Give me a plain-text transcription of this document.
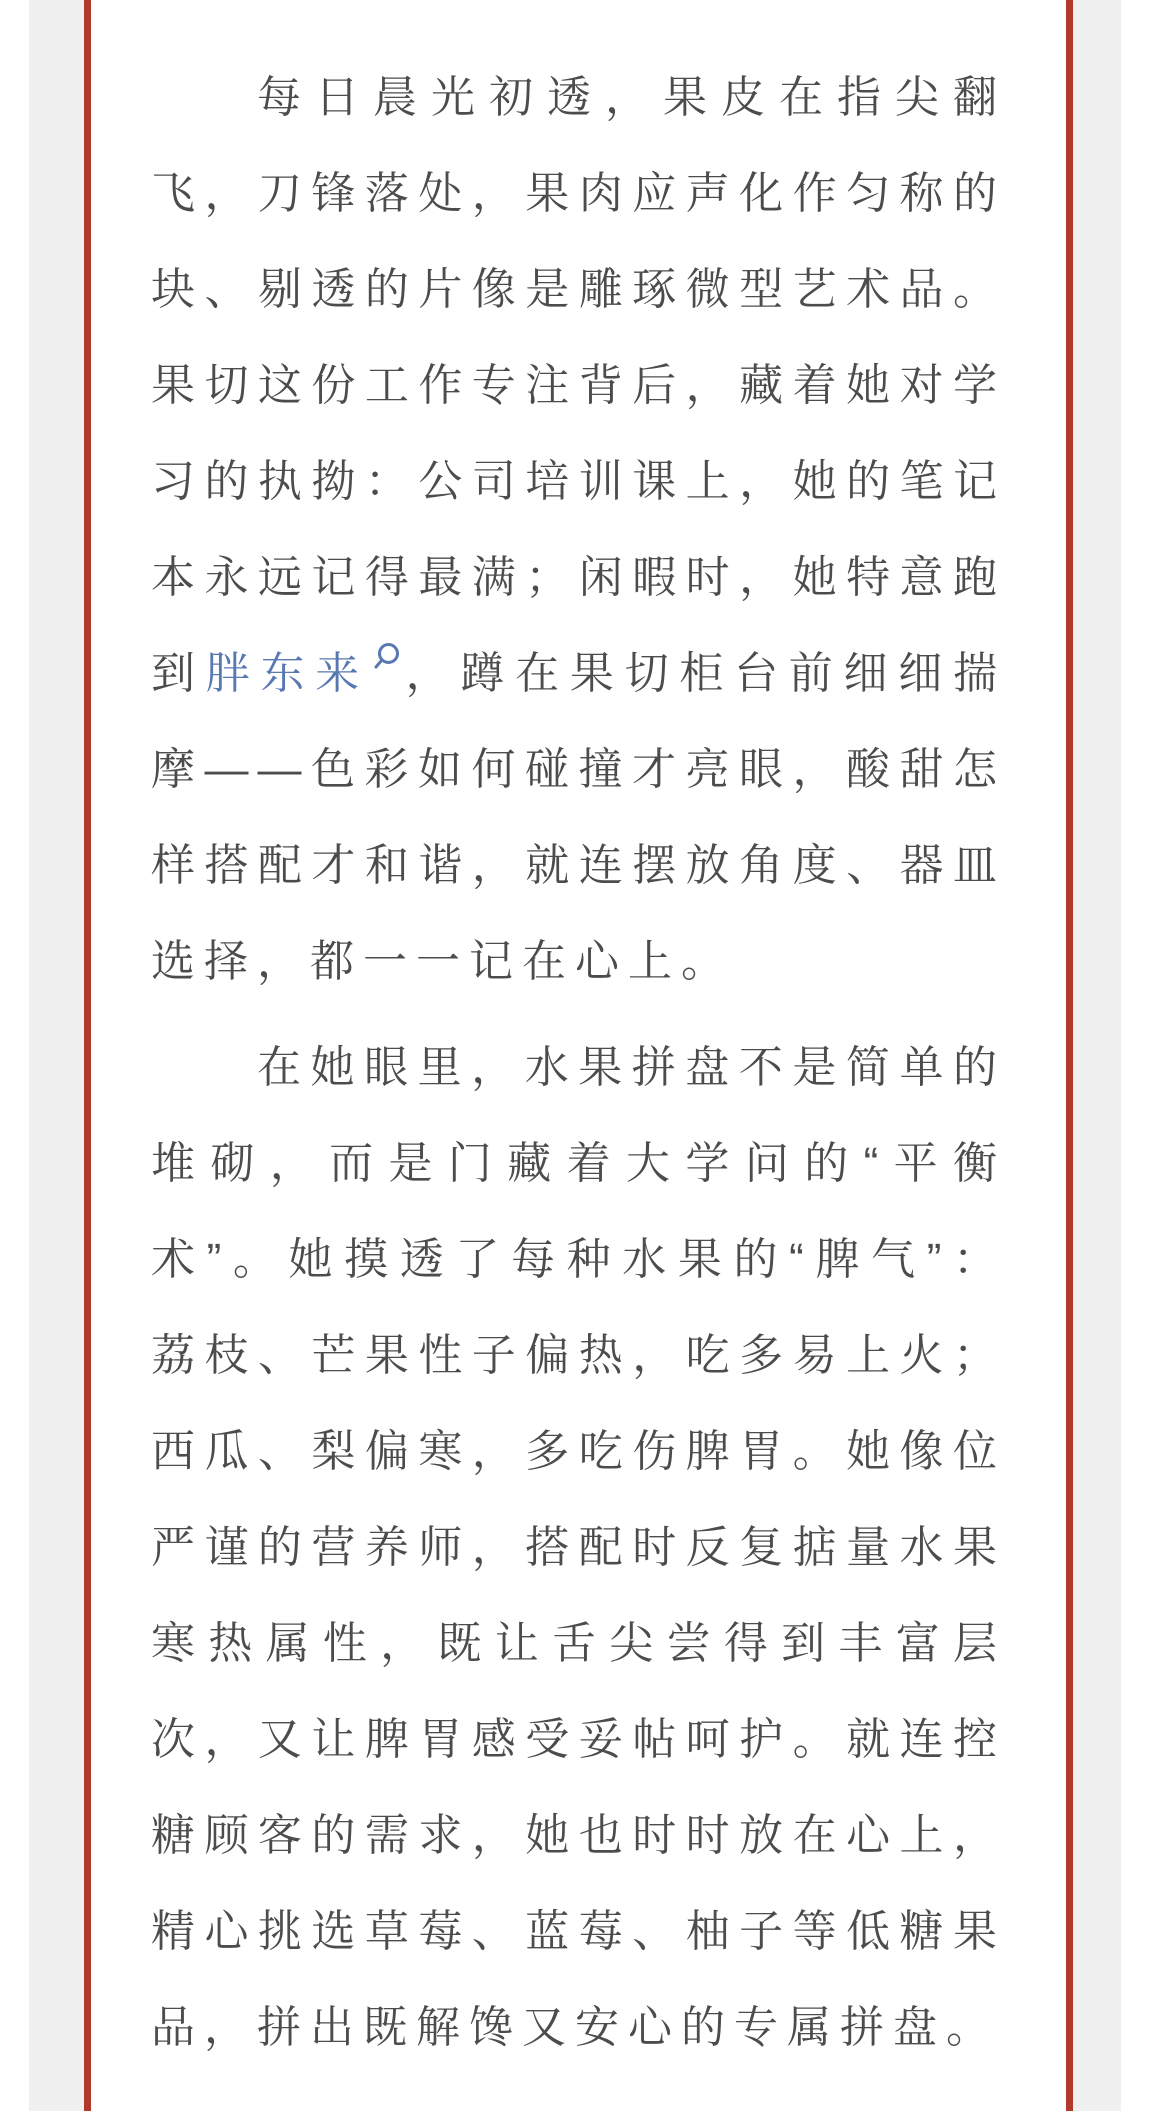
每日晨光初透，果皮在指尖翻飞，刀锋落处，果肉应声化作匀称的块、剔透的片像是雕琢微型艺术品。果切这份工作专注背后，藏着她对学习的执拗：公司培训课上，她的笔记本永远记得最满；闲暇时，她特意跑到胖东来 ，蹲在果切柜台前细细揣摩——色彩如何碰撞才亮眼，酸甜怎样搭配才和谐，就连摆放角度、器皿选择，都一一记在心上。

在她眼里，水果拼盘不是简单的堆砌，而是门藏着大学问的“平衡术”。她摸透了每种水果的“脾气”：荔枝、芒果性子偏热，吃多易上火；西瓜、梨偏寒，多吃伤脾胃。她像位严谨的营养师，搭配时反复掂量水果寒热属性，既让舌尖尝得到丰富层次，又让脾胃感受妥帖呵护。就连控糖顾客的需求，她也时时放在心上，精心挑选草莓、蓝莓、柚子等低糖果品，拼出既解馋又安心的专属拼盘。
